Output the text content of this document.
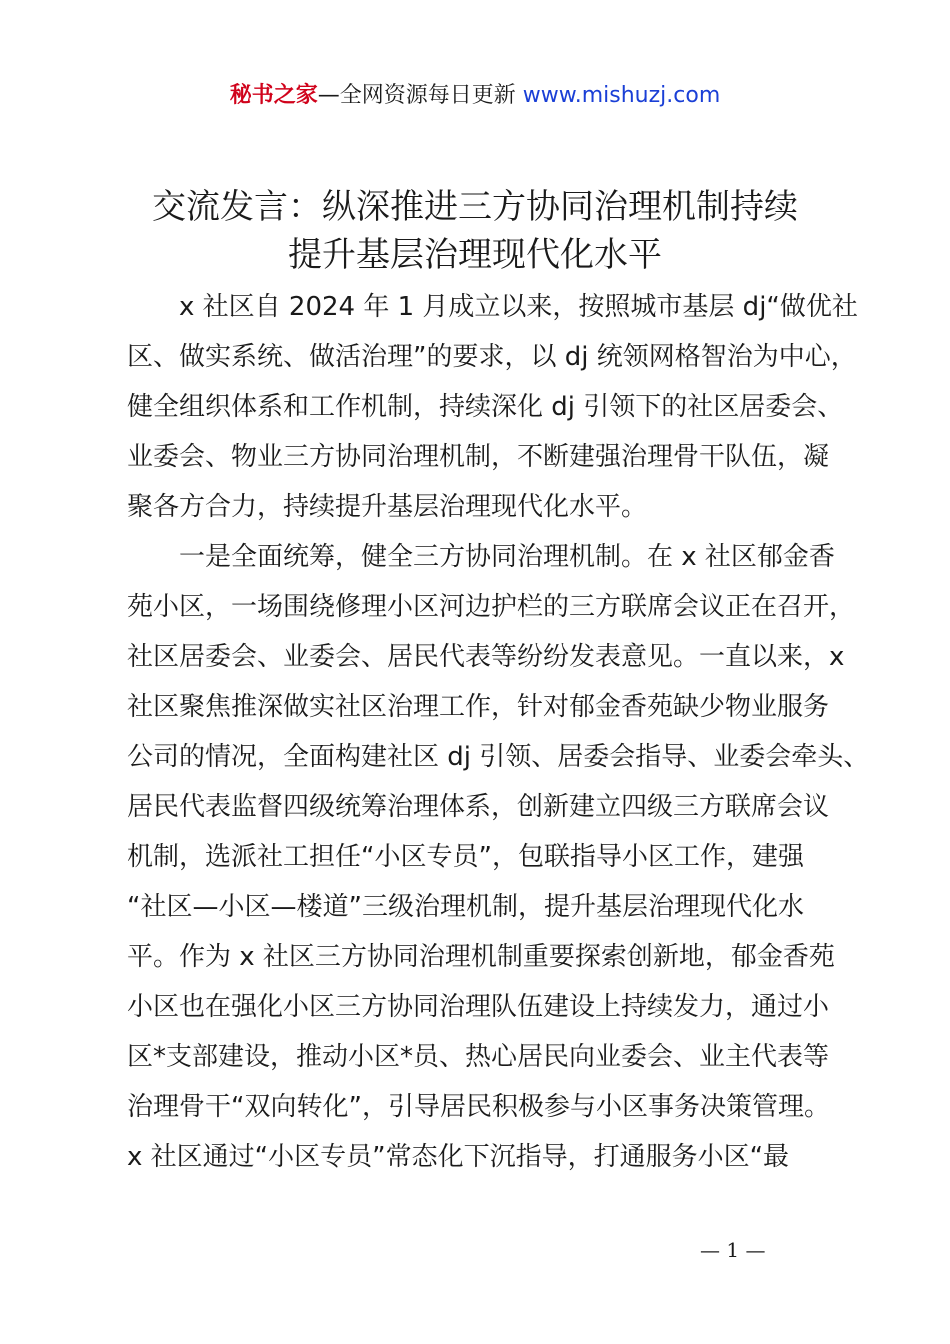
秘书之家—全网资源每日更新 www.mishuzj.com
交流发言：纵深推进三方协同治理机制持续
提升基层治理现代化水平
x 社区自 2024 年 1 月成立以来，按照城市基层 dj“做优社
区、做实系统、做活治理”的要求，以 dj 统领网格智治为中心，
健全组织体系和工作机制，持续深化 dj 引领下的社区居委会、
业委会、物业三方协同治理机制，不断建强治理骨干队伍，凝
聚各方合力，持续提升基层治理现代化水平。
一是全面统筹，健全三方协同治理机制。在 x 社区郁金香
苑小区，一场围绕修理小区河边护栏的三方联席会议正在召开，
社区居委会、业委会、居民代表等纷纷发表意见。一直以来，x
社区聚焦推深做实社区治理工作，针对郁金香苑缺少物业服务
公司的情况，全面构建社区 dj 引领、居委会指导、业委会牵头、
居民代表监督四级统筹治理体系，创新建立四级三方联席会议
机制，选派社工担任“小区专员”，包联指导小区工作，建强
“社区—小区—楼道”三级治理机制，提升基层治理现代化水
平。作为 x 社区三方协同治理机制重要探索创新地，郁金香苑
小区也在强化小区三方协同治理队伍建设上持续发力，通过小
区*支部建设，推动小区*员、热心居民向业委会、业主代表等
治理骨干“双向转化”，引导居民积极参与小区事务决策管理。
x 社区通过“小区专员”常态化下沉指导，打通服务小区“最
— 1 —
